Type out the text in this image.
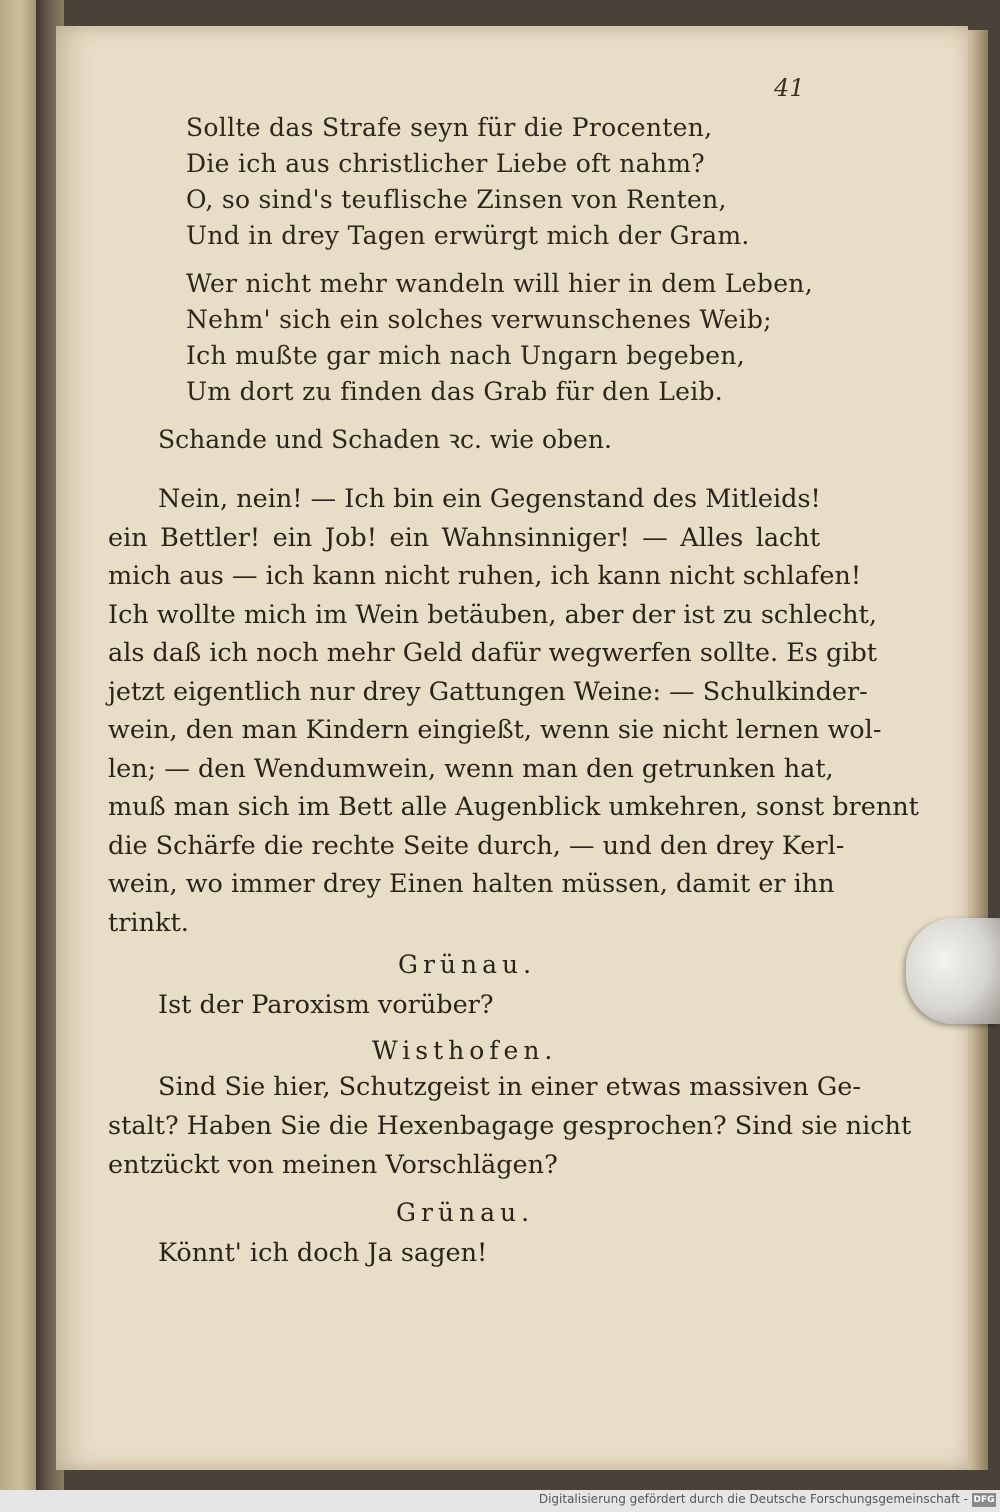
41
Sollte das Strafe seyn für die Procenten,
Die ich aus christlicher Liebe oft nahm?
O, so sind's teuflische Zinsen von Renten,
Und in drey Tagen erwürgt mich der Gram.
Wer nicht mehr wandeln will hier in dem Leben,
Nehm' sich ein solches verwunschenes Weib;
Ich mußte gar mich nach Ungarn begeben,
Um dort zu finden das Grab für den Leib.
Schande und Schaden ꝛc. wie oben.
Nein, nein! — Ich bin ein Gegenstand des Mitleids!
ein Bettler! ein Job! ein Wahnsinniger! — Alles lacht
mich aus — ich kann nicht ruhen, ich kann nicht schlafen!
Ich wollte mich im Wein betäuben, aber der ist zu schlecht,
als daß ich noch mehr Geld dafür wegwerfen sollte. Es gibt
jetzt eigentlich nur drey Gattungen Weine: — Schulkinder-
wein, den man Kindern eingießt, wenn sie nicht lernen wol-
len; — den Wendumwein, wenn man den getrunken hat,
muß man sich im Bett alle Augenblick umkehren, sonst brennt
die Schärfe die rechte Seite durch, — und den drey Kerl-
wein, wo immer drey Einen halten müssen, damit er ihn
trinkt.
Grünau.
Ist der Paroxism vorüber?
Wisthofen.
Sind Sie hier, Schutzgeist in einer etwas massiven Ge-
stalt? Haben Sie die Hexenbagage gesprochen? Sind sie nicht
entzückt von meinen Vorschlägen?
Grünau.
Könnt' ich doch Ja sagen!
Digitalisierung gefördert durch die Deutsche Forschungsgemeinschaft - DFG
